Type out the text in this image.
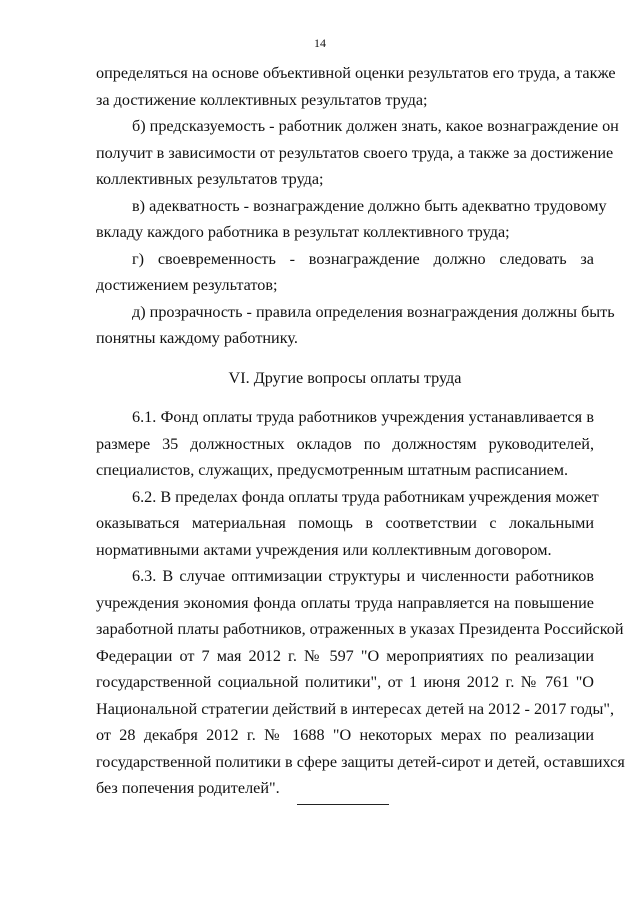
14
определяться на основе объективной оценки результатов его труда, а также
за достижение коллективных результатов труда;
б) предсказуемость - работник должен знать, какое вознаграждение он
получит в зависимости от результатов своего труда, а также за достижение
коллективных результатов труда;
в) адекватность - вознаграждение должно быть адекватно трудовому
вкладу каждого работника в результат коллективного труда;
г) своевременность - вознаграждение должно следовать за
достижением результатов;
д) прозрачность - правила определения вознаграждения должны быть
понятны каждому работнику.
VI. Другие вопросы оплаты труда
6.1. Фонд оплаты труда работников учреждения устанавливается в
размере 35 должностных окладов по должностям руководителей,
специалистов, служащих, предусмотренным штатным расписанием.
6.2. В пределах фонда оплаты труда работникам учреждения может
оказываться материальная помощь в соответствии с локальными
нормативными актами учреждения или коллективным договором.
6.3. В случае оптимизации структуры и численности работников
учреждения экономия фонда оплаты труда направляется на повышение
заработной платы работников, отраженных в указах Президента Российской
Федерации от 7 мая 2012 г. № 597 "О мероприятиях по реализации
государственной социальной политики", от 1 июня 2012 г. № 761 "О
Национальной стратегии действий в интересах детей на 2012 - 2017 годы",
от 28 декабря 2012 г. № 1688 "О некоторых мерах по реализации
государственной политики в сфере защиты детей-сирот и детей, оставшихся
без попечения родителей".
